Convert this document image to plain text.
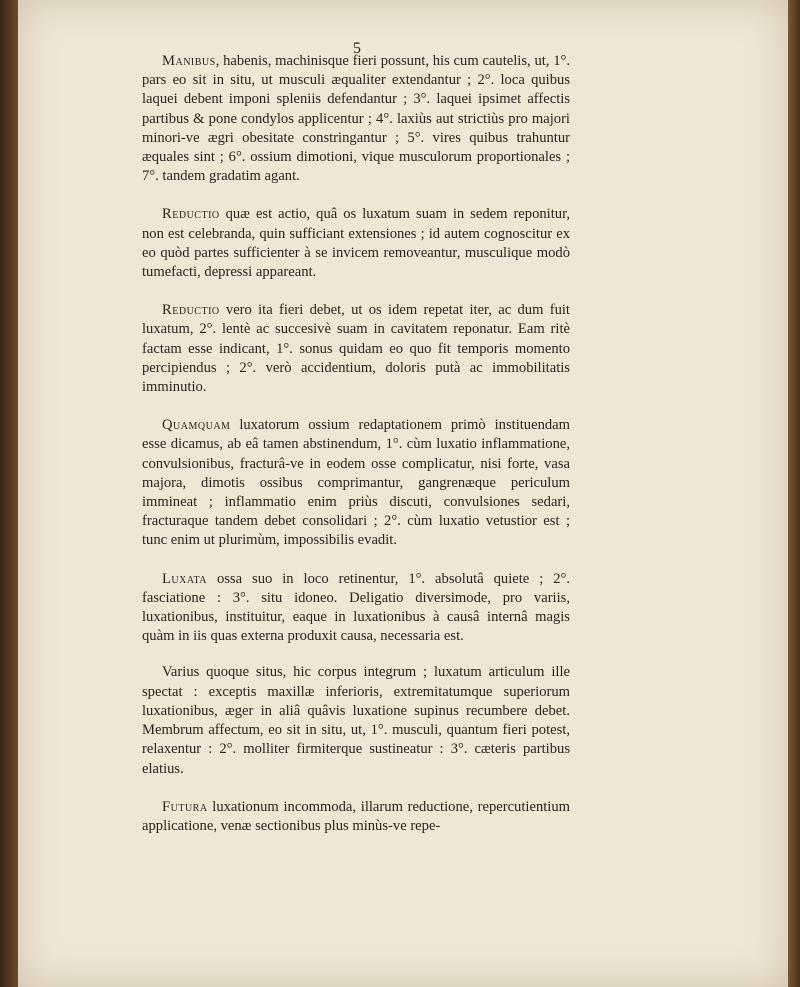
5

Manibus, habenis, machinisque fieri possunt, his cum cautelis, ut, 1°. pars eo sit in situ, ut musculi æqualiter extendantur ; 2°. loca quibus laquei debent imponi spleniis defendantur ; 3°. laquei ipsimet affectis partibus & pone condylos applicentur ; 4°. laxiùs aut strictiùs pro majori minori-ve ægri obesitate constringantur ; 5°. vires quibus trahuntur æquales sint ; 6°. ossium dimotioni, vique musculorum proportionales ; 7°. tandem gradatim agant.

Reductio quæ est actio, quâ os luxatum suam in sedem reponitur, non est celebranda, quin sufficiant extensiones ; id autem cognoscitur ex eo quòd partes sufficienter à se invicem removeantur, musculique modò tumefacti, depressi appareant.

Reductio vero ita fieri debet, ut os idem repetat iter, ac dum fuit luxatum, 2°. lentè ac succesivè suam in cavitatem reponatur. Eam ritè factam esse indicant, 1°. sonus quidam eo quo fit temporis momento percipiendus ; 2°. verò accidentium, doloris putà ac immobilitatis imminutio.

Quamquam luxatorum ossium redaptationem primò instituendam esse dicamus, ab eâ tamen abstinendum, 1°. cùm luxatio inflammatione, convulsionibus, fracturâ-ve in eodem osse complicatur, nisi forte, vasa majora, dimotis ossibus comprimantur, gangrenæque periculum immineat ; inflammatio enim priùs discuti, convulsiones sedari, fracturaque tandem debet consolidari ; 2°. cùm luxatio vetustior est ; tunc enim ut plurimùm, impossibilis evadit.

Luxata ossa suo in loco retinentur, 1°. absolutâ quiete ; 2°. fasciatione : 3°. situ idoneo. Deligatio diversimode, pro variis, luxationibus, instituitur, eaque in luxationibus à causâ internâ magis quàm in iis quas externa produxit causa, necessaria est.

Varius quoque situs, hic corpus integrum ; luxatum articulum ille spectat : exceptis maxillæ inferioris, extremitatumque superiorum luxationibus, æger in aliâ quâvis luxatione supinus recumbere debet. Membrum affectum, eo sit in situ, ut, 1°. musculi, quantum fieri potest, relaxentur : 2°. molliter firmiterque sustineatur : 3°. cæteris partibus elatius.

Futura luxationum incommoda, illarum reductione, repercutientium applicatione, venæ sectionibus plus minùs-ve repe-
